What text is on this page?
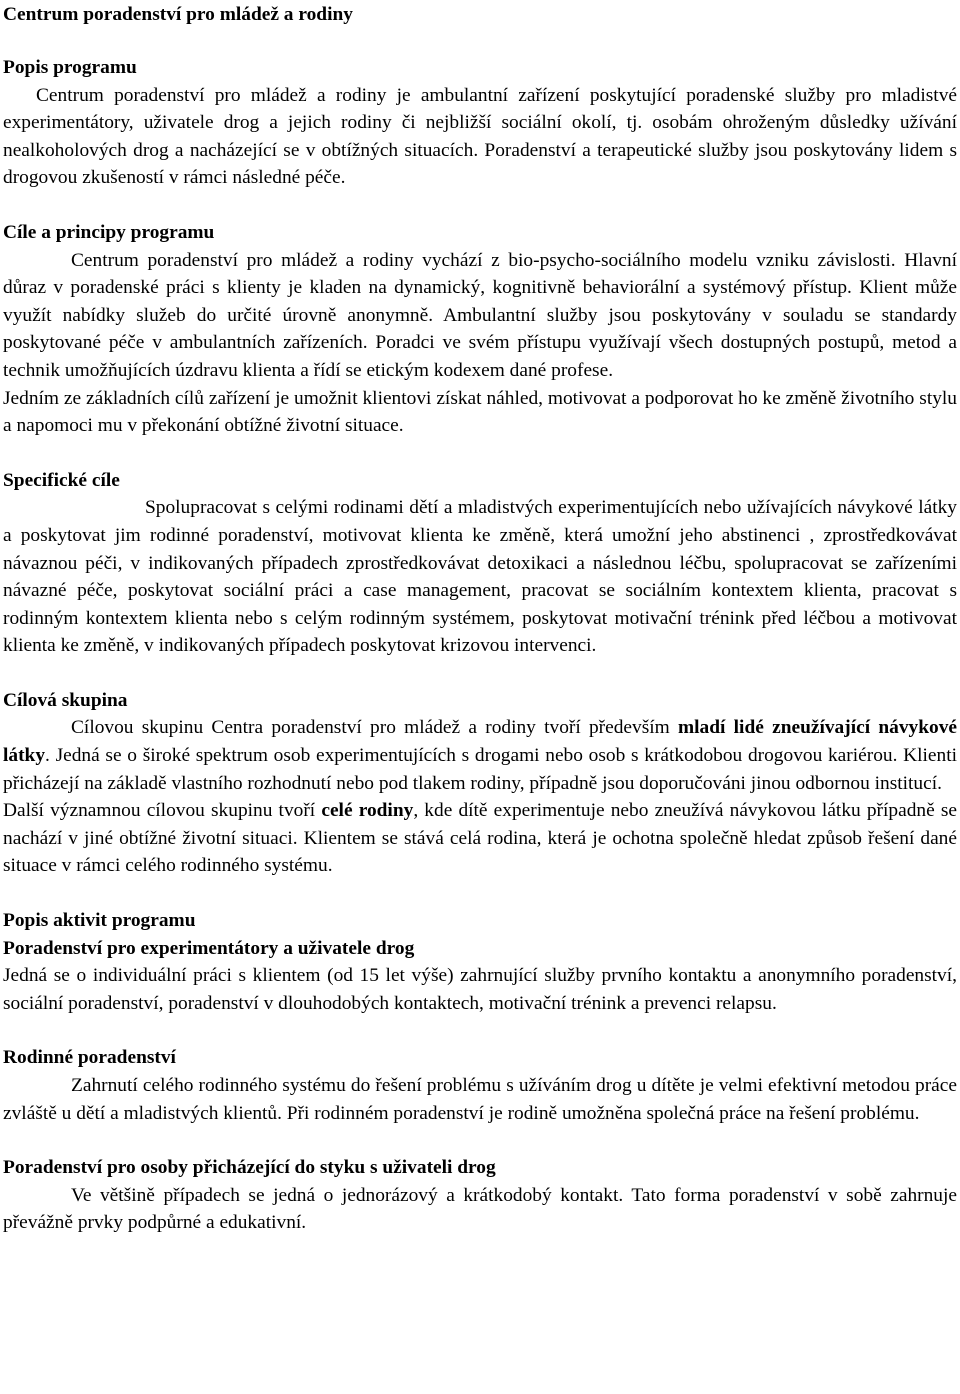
Centrum poradenství pro mládež a rodiny
Popis programu

Centrum poradenství pro mládež a rodiny je ambulantní zařízení poskytující poradenské služby pro mladistvé experimentátory, uživatele drog a jejich rodiny či nejbližší sociální okolí, tj. osobám ohroženým důsledky užívání nealkoholových drog a nacházející se v obtížných situacích. Poradenství a terapeutické služby jsou poskytovány lidem s drogovou zkušeností v rámci následné péče.

Cíle a principy programu

Centrum poradenství pro mládež a rodiny vychází z bio-psycho-sociálního modelu vzniku závislosti. Hlavní důraz v poradenské práci s klienty je kladen na dynamický, kognitivně behaviorální a systémový přístup. Klient může využít nabídky služeb do určité úrovně anonymně. Ambulantní služby jsou poskytovány v souladu se standardy poskytované péče v ambulantních zařízeních. Poradci ve svém přístupu využívají všech dostupných postupů, metod a technik umožňujících úzdravu klienta a řídí se etickým kodexem dané profese.

Jedním ze základních cílů zařízení je umožnit klientovi získat náhled, motivovat a podporovat ho ke změně životního stylu a napomoci mu v překonání obtížné životní situace.

Specifické cíle

Spolupracovat s celými rodinami dětí a mladistvých experimentujících nebo užívajících návykové látky a poskytovat jim rodinné poradenství, motivovat klienta ke změně, která umožní jeho abstinenci , zprostředkovávat návaznou péči, v indikovaných případech zprostředkovávat detoxikaci a následnou léčbu, spolupracovat se zařízeními návazné péče, poskytovat sociální práci a case management, pracovat se sociálním kontextem klienta, pracovat s rodinným kontextem klienta nebo s celým rodinným systémem, poskytovat motivační trénink před léčbou a motivovat klienta ke změně, v indikovaných případech poskytovat krizovou intervenci.

Cílová skupina

Cílovou skupinu Centra poradenství pro mládež a rodiny tvoří především mladí lidé zneužívající návykové látky. Jedná se o široké spektrum osob experimentujících s drogami nebo osob s krátkodobou drogovou kariérou. Klienti přicházejí na základě vlastního rozhodnutí nebo pod tlakem rodiny, případně jsou doporučováni jinou odbornou institucí.

Další významnou cílovou skupinu tvoří celé rodiny, kde dítě experimentuje nebo zneužívá návykovou látku případně se nachází v jiné obtížné životní situaci. Klientem se stává celá rodina, která je ochotna společně hledat způsob řešení dané situace v rámci celého rodinného systému.

Popis aktivit programu
Poradenství pro experimentátory a uživatele drog

Jedná se o individuální práci s klientem (od 15 let výše) zahrnující služby prvního kontaktu a anonymního poradenství, sociální poradenství, poradenství v dlouhodobých kontaktech, motivační trénink a prevenci relapsu.

Rodinné poradenství

Zahrnutí celého rodinného systému do řešení problému s užíváním drog u dítěte je velmi efektivní metodou práce zvláště u dětí a mladistvých klientů. Při rodinném poradenství je rodině umožněna společná práce na řešení problému.

Poradenství pro osoby přicházející do styku s uživateli drog

Ve většině případech se jedná o jednorázový a krátkodobý kontakt. Tato forma poradenství v sobě zahrnuje převážně prvky podpůrné a edukativní.
